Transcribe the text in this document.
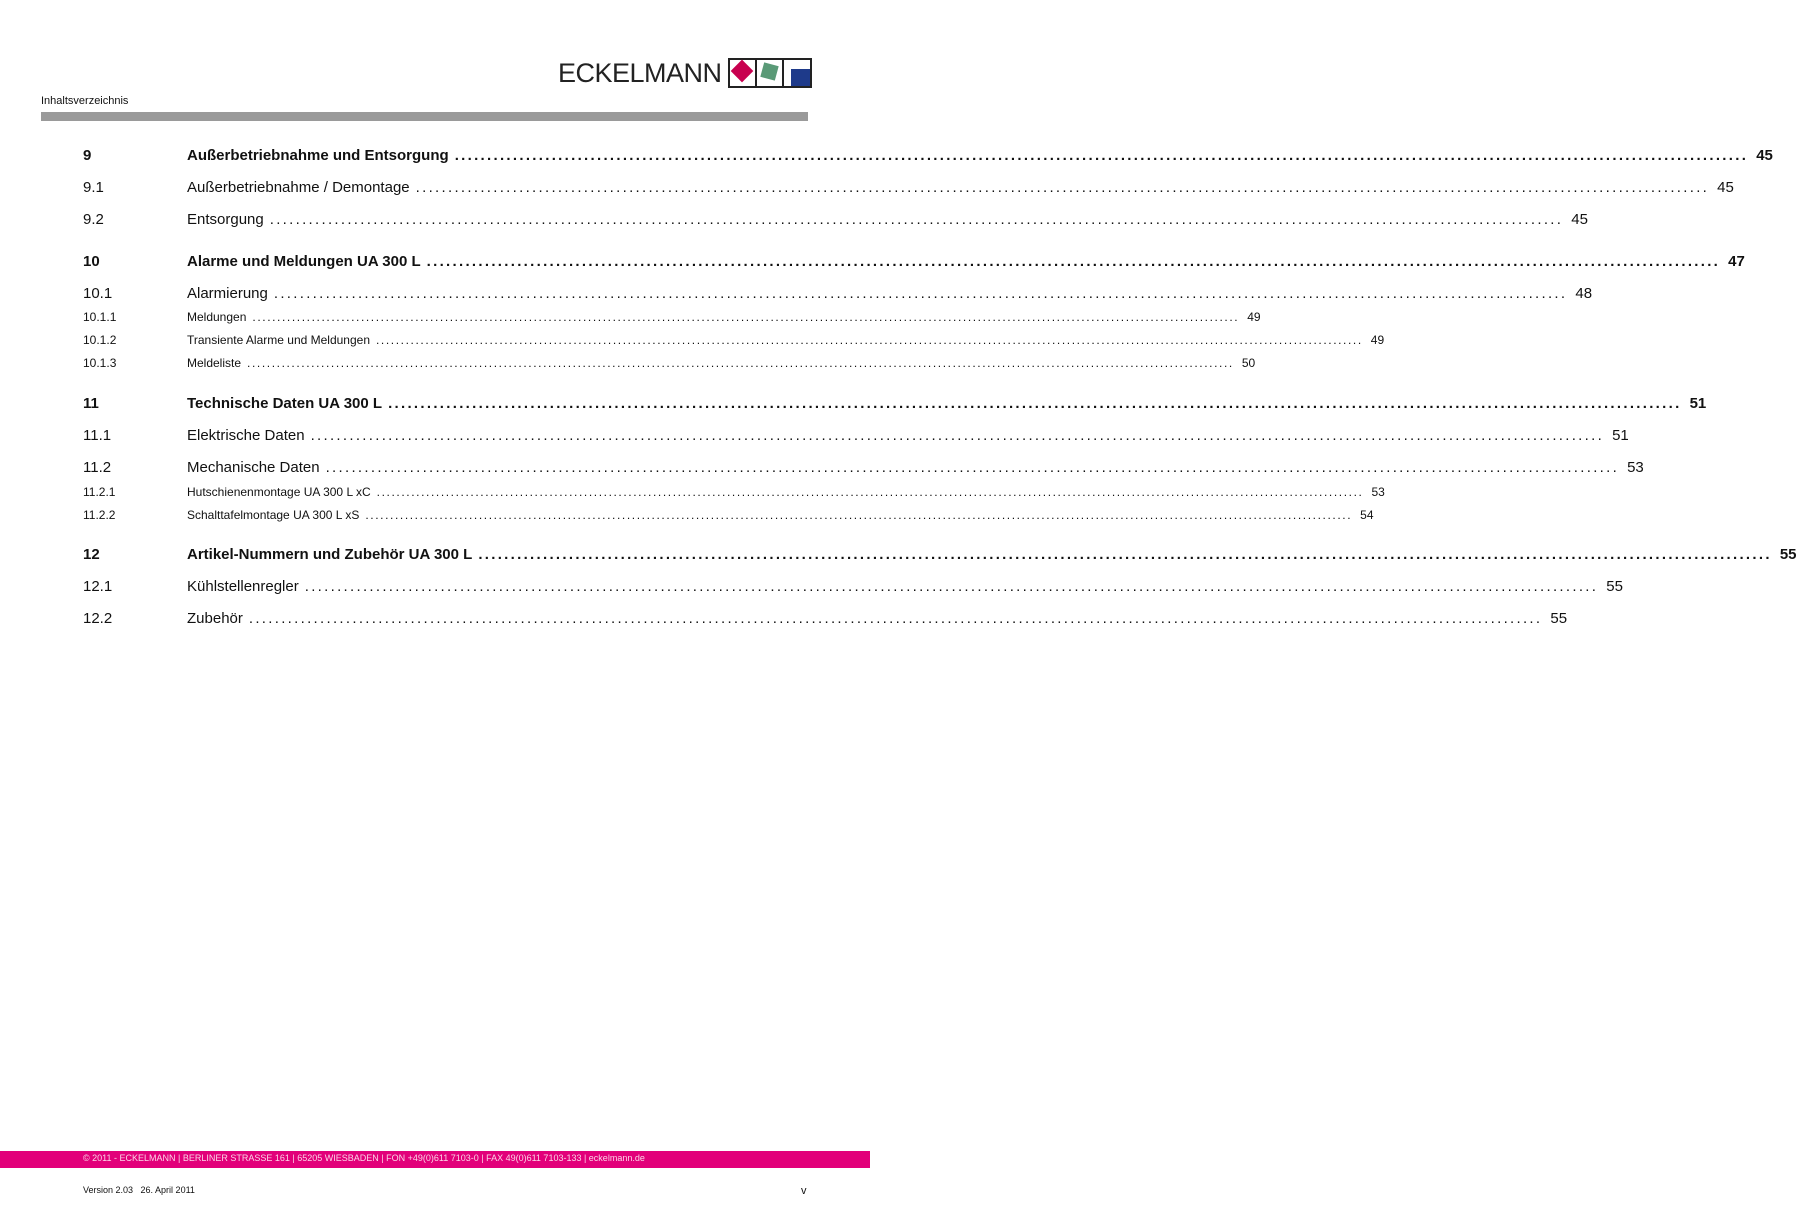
ECKELMANN
Inhaltsverzeichnis
9	Außerbetriebnahme und Entsorgung ........................................................................................................................................................................................................ 45
9.1	Außerbetriebnahme / Demontage ........................................................................................................................................................................................................ 45
9.2	Entsorgung ........................................................................................................................................................................................................ 45
10	Alarme und Meldungen UA 300 L ........................................................................................................................................................................................................ 47
10.1	Alarmierung ........................................................................................................................................................................................................ 48
10.1.1	Meldungen ........................................................................................................................................................................................................ 49
10.1.2	Transiente Alarme und Meldungen ........................................................................................................................................................................................................ 49
10.1.3	Meldeliste ........................................................................................................................................................................................................ 50
11	Technische Daten UA 300 L ........................................................................................................................................................................................................ 51
11.1	Elektrische Daten ........................................................................................................................................................................................................ 51
11.2	Mechanische Daten ........................................................................................................................................................................................................ 53
11.2.1	Hutschienenmontage UA 300 L xC ........................................................................................................................................................................................................ 53
11.2.2	Schalttafelmontage UA 300 L xS ........................................................................................................................................................................................................ 54
12	Artikel-Nummern und Zubehör UA 300 L ........................................................................................................................................................................................................ 55
12.1	Kühlstellenregler ........................................................................................................................................................................................................ 55
12.2	Zubehör ........................................................................................................................................................................................................ 55
© 2011 - ECKELMANN | BERLINER STRASSE 161 | 65205 WIESBADEN | FON +49(0)611 7103-0 | FAX 49(0)611 7103-133 | eckelmann.de
Version 2.03   26. April 2011	v
